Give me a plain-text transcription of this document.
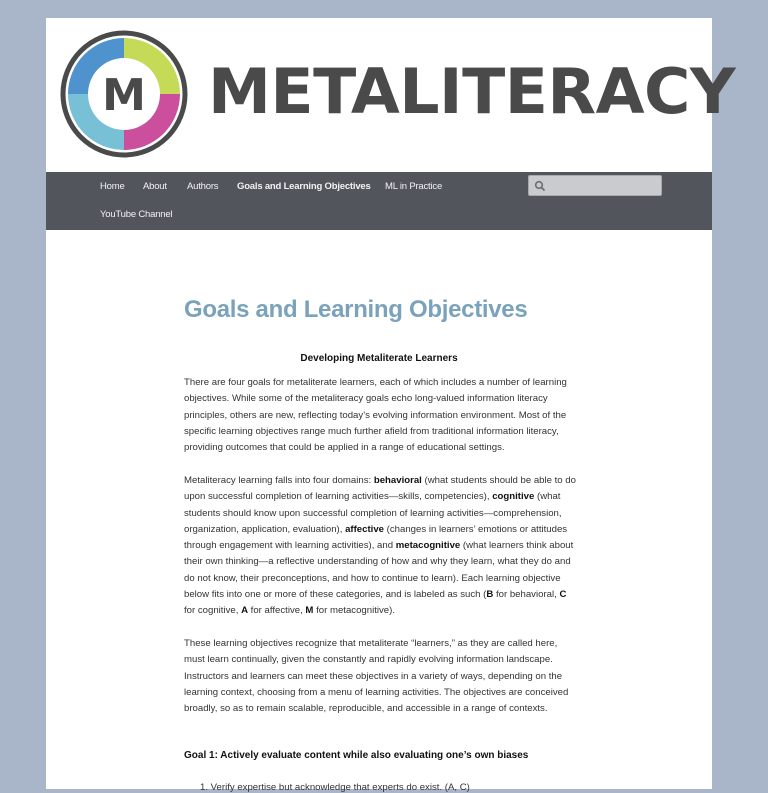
M METALITERACY
Home About Authors Goals and Learning Objectives ML in Practice
YouTube Channel
Goals and Learning Objectives

Developing Metaliterate Learners

There are four goals for metaliterate learners, each of which includes a number of learning objectives. While some of the metaliteracy goals echo long-valued information literacy principles, others are new, reflecting today’s evolving information environment. Most of the specific learning objectives range much further afield from traditional information literacy, providing outcomes that could be applied in a range of educational settings.

Metaliteracy learning falls into four domains: behavioral (what students should be able to do upon successful completion of learning activities—skills, competencies), cognitive (what students should know upon successful completion of learning activities—comprehension, organization, application, evaluation), affective (changes in learners’ emotions or attitudes through engagement with learning activities), and metacognitive (what learners think about their own thinking—a reflective understanding of how and why they learn, what they do and do not know, their preconceptions, and how to continue to learn). Each learning objective below fits into one or more of these categories, and is labeled as such (B for behavioral, C for cognitive, A for affective, M for metacognitive).

These learning objectives recognize that metaliterate “learners,” as they are called here, must learn continually, given the constantly and rapidly evolving information landscape. Instructors and learners can meet these objectives in a variety of ways, depending on the learning context, choosing from a menu of learning activities. The objectives are conceived broadly, so as to remain scalable, reproducible, and accessible in a range of contexts.

Goal 1: Actively evaluate content while also evaluating one’s own biases

1. Verify expertise but acknowledge that experts do exist. (A, C)
